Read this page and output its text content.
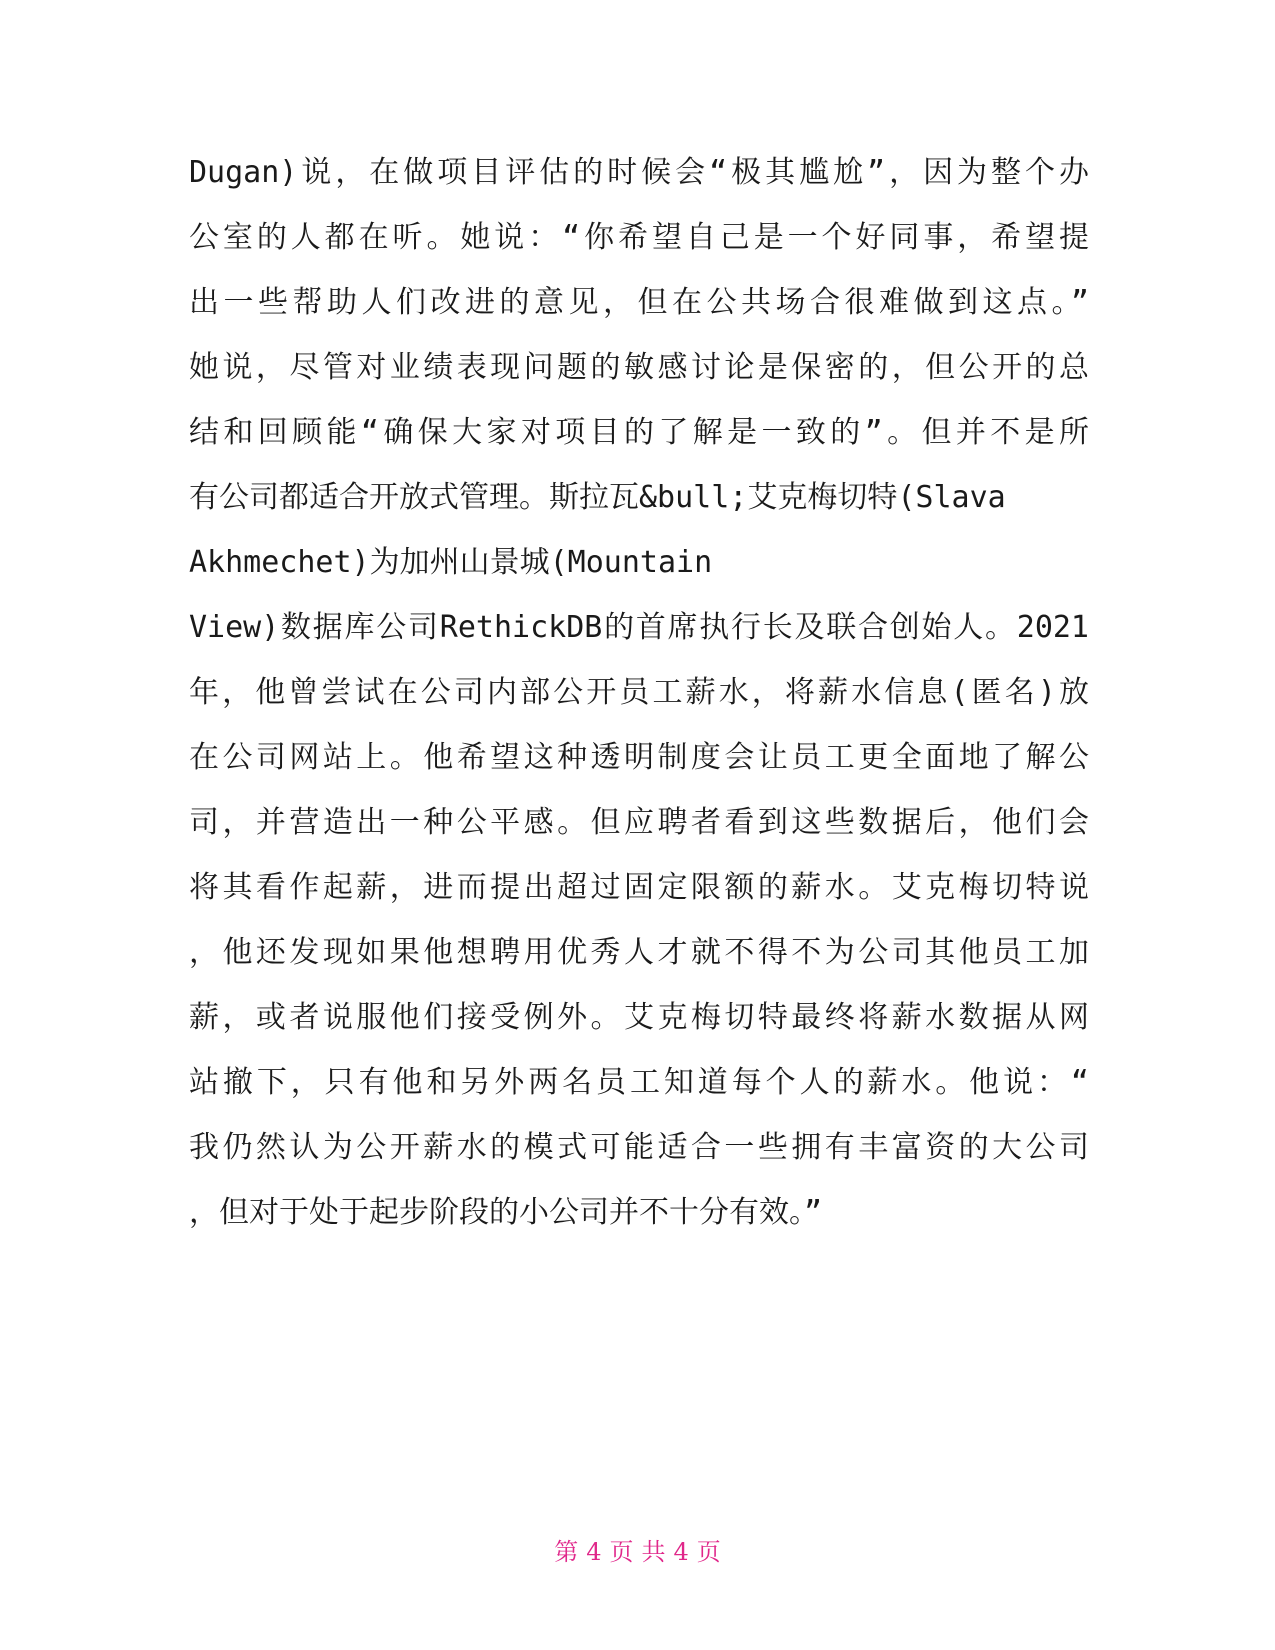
Dugan)说，在做项目评估的时候会“极其尴尬”，因为整个办
公室的人都在听。她说：“你希望自己是一个好同事，希望提
出一些帮助人们改进的意见，但在公共场合很难做到这点。”
她说，尽管对业绩表现问题的敏感讨论是保密的，但公开的总
结和回顾能“确保大家对项目的了解是一致的”。但并不是所
有公司都适合开放式管理。斯拉瓦&bull;艾克梅切特(Slava
Akhmechet)为加州山景城(Mountain
View)数据库公司RethickDB的首席执行长及联合创始人。2021
年，他曾尝试在公司内部公开员工薪水，将薪水信息(匿名)放
在公司网站上。他希望这种透明制度会让员工更全面地了解公
司，并营造出一种公平感。但应聘者看到这些数据后，他们会
将其看作起薪，进而提出超过固定限额的薪水。艾克梅切特说
，他还发现如果他想聘用优秀人才就不得不为公司其他员工加
薪，或者说服他们接受例外。艾克梅切特最终将薪水数据从网
站撤下，只有他和另外两名员工知道每个人的薪水。他说：“
我仍然认为公开薪水的模式可能适合一些拥有丰富资的大公司
，但对于处于起步阶段的小公司并不十分有效。”
第 4 页 共 4 页
